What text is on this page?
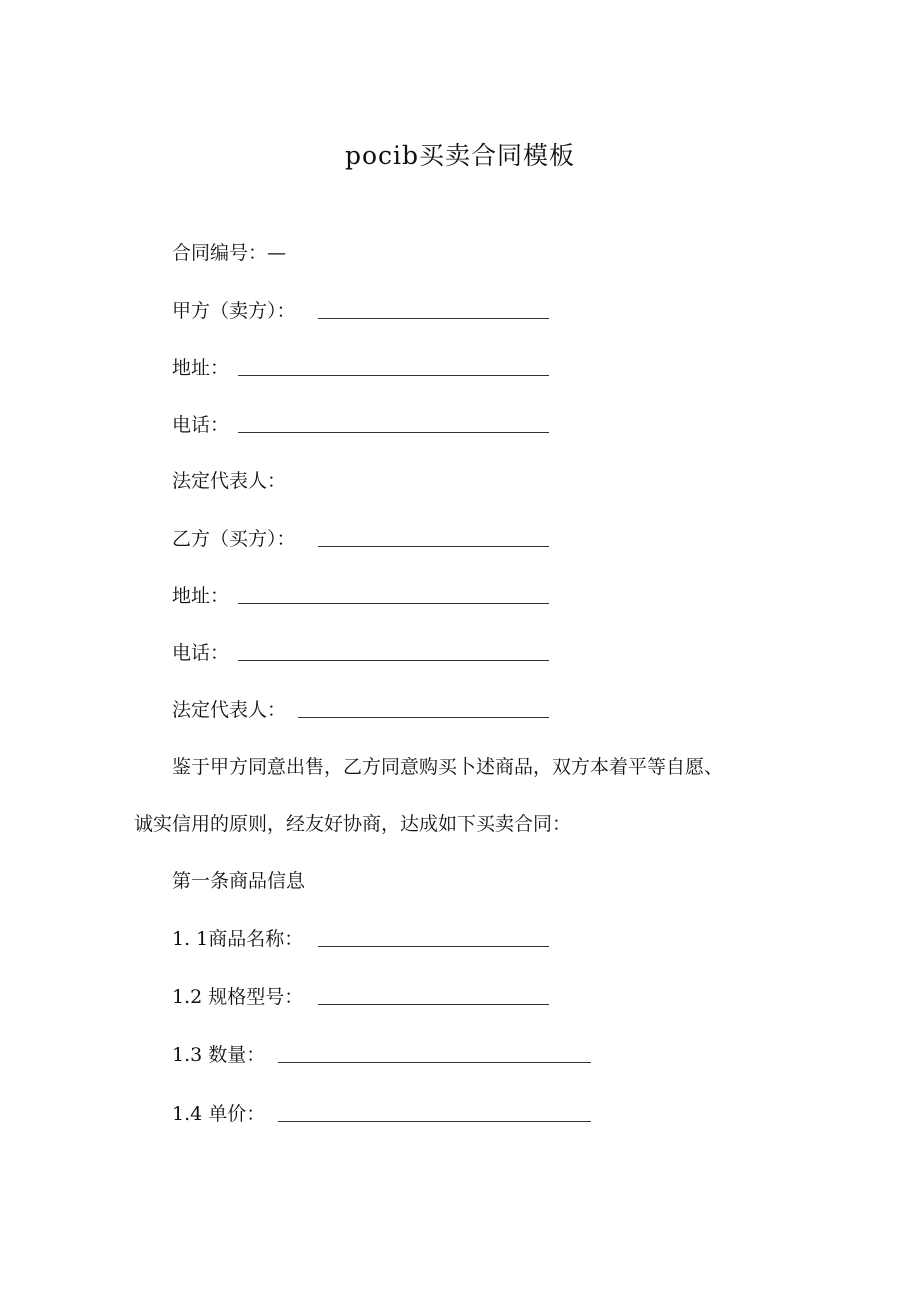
pocib买卖合同模板
合同编号：—
甲方（卖方）：
地址：
电话：
法定代表人：
乙方（买方）：
地址：
电话：
法定代表人：
鉴于甲方同意出售，乙方同意购买卜述商品，双方本着平等自愿、
诚实信用的原则，经友好协商，达成如下买卖合同：
第一条商品信息
1. 1商品名称：
1.2 规格型号：
1.3 数量：
1.4 单价：
